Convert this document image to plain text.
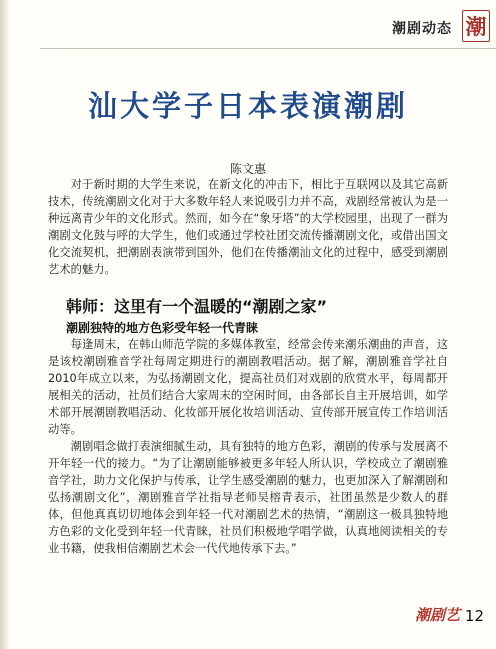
潮剧动态 潮
汕大学子日本表演潮剧
陈文惠

对于新时期的大学生来说，在新文化的冲击下，相比于互联网以及其它高新技术，传统潮剧文化对于大多数年轻人来说吸引力并不高，戏剧经常被认为是一种远离青少年的文化形式。然而，如今在“象牙塔”的大学校园里，出现了一群为潮剧文化鼓与呼的大学生，他们或通过学校社团交流传播潮剧文化，或借出国文化交流契机，把潮剧表演带到国外，他们在传播潮汕文化的过程中，感受到潮剧艺术的魅力。

韩师：这里有一个温暖的“潮剧之家”
潮剧独特的地方色彩受年轻一代青睐

每逢周末，在韩山师范学院的多媒体教室，经常会传来潮乐潮曲的声音，这是该校潮剧雅音学社每周定期进行的潮剧教唱活动。据了解，潮剧雅音学社自2010年成立以来，为弘扬潮剧文化，提高社员们对戏剧的欣赏水平，每周都开展相关的活动，社员们结合大家周末的空闲时间，由各部长自主开展培训，如学术部开展潮剧教唱活动、化妆部开展化妆培训活动、宣传部开展宣传工作培训活动等。

潮剧唱念做打表演细腻生动，具有独特的地方色彩，潮剧的传承与发展离不开年轻一代的接力。“为了让潮剧能够被更多年轻人所认识，学校成立了潮剧雅音学社，助力文化保护与传承，让学生感受潮剧的魅力，也更加深入了解潮剧和弘扬潮剧文化”，潮剧雅音学社指导老师吴榕青表示，社团虽然是少数人的群体，但他真真切切地体会到年轻一代对潮剧艺术的热情，“潮剧这一极具独特地方色彩的文化受到年轻一代青睐，社员们积极地学唱学做，认真地阅读相关的专业书籍，使我相信潮剧艺术会一代代地传承下去。”

潮剧艺 12
